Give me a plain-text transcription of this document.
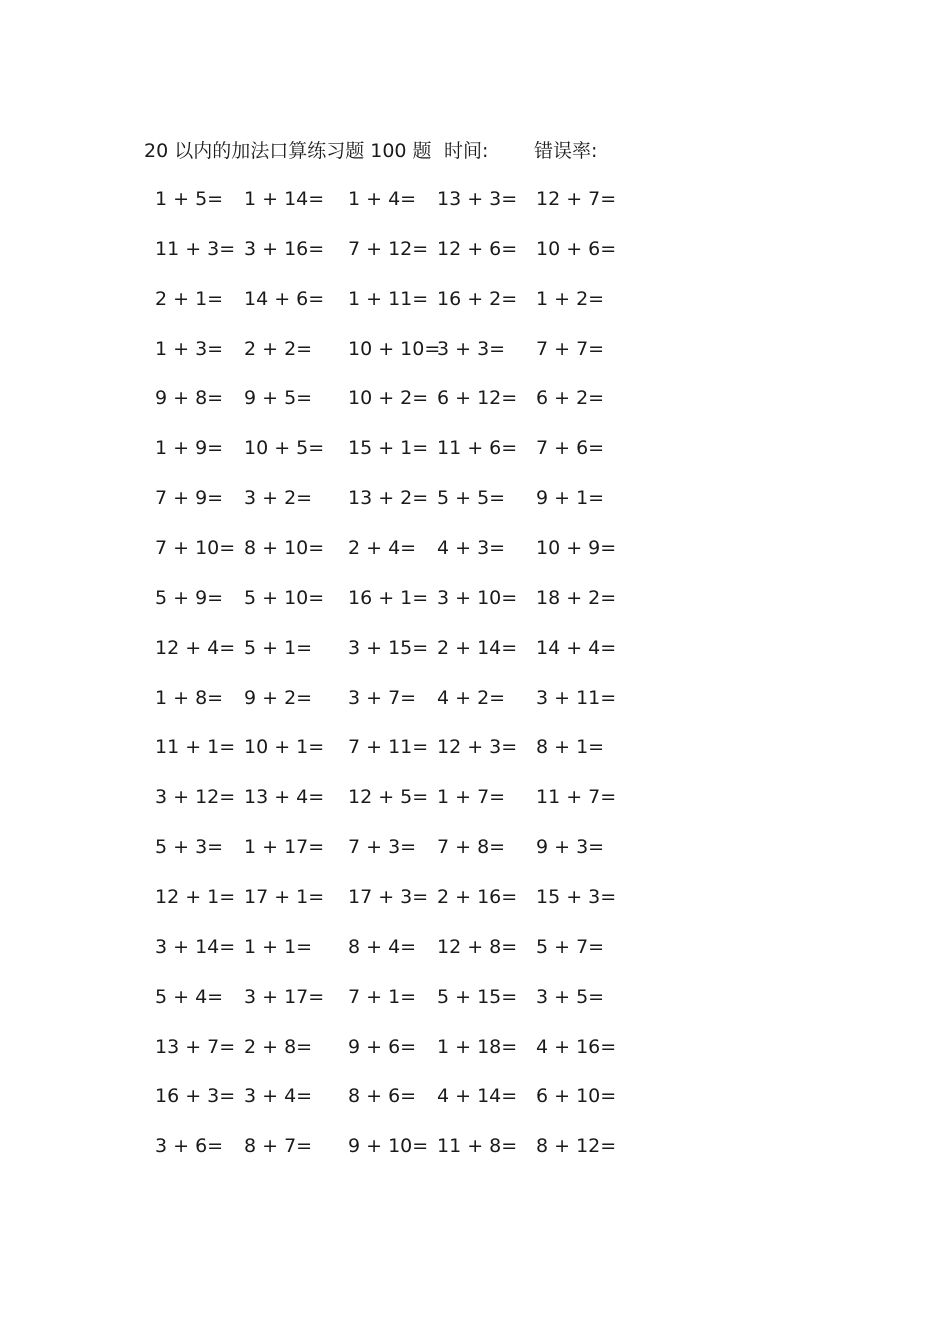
20 以内的加法口算练习题 100 题 时间: 错误率:
1 + 5= 1 + 14= 1 + 4= 13 + 3= 12 + 7=
11 + 3= 3 + 16= 7 + 12= 12 + 6= 10 + 6=
2 + 1= 14 + 6= 1 + 11= 16 + 2= 1 + 2=
1 + 3= 2 + 2= 10 + 10=
3 + 3= 7 + 7=
9 + 8= 9 + 5= 10 + 2= 6 + 12= 6 + 2=
1 + 9= 10 + 5= 15 + 1= 11 + 6= 7 + 6=
7 + 9= 3 + 2= 13 + 2= 5 + 5= 9 + 1=
7 + 10= 8 + 10= 2 + 4= 4 + 3= 10 + 9=
5 + 9= 5 + 10= 16 + 1= 3 + 10= 18 + 2=
12 + 4= 5 + 1= 3 + 15= 2 + 14= 14 + 4=
1 + 8= 9 + 2= 3 + 7= 4 + 2= 3 + 11=
11 + 1= 10 + 1= 7 + 11= 12 + 3= 8 + 1=
3 + 12= 13 + 4= 12 + 5= 1 + 7= 11 + 7=
5 + 3= 1 + 17= 7 + 3= 7 + 8= 9 + 3=
12 + 1= 17 + 1= 17 + 3= 2 + 16= 15 + 3=
3 + 14= 1 + 1= 8 + 4= 12 + 8= 5 + 7=
5 + 4= 3 + 17= 7 + 1= 5 + 15= 3 + 5=
13 + 7= 2 + 8= 9 + 6= 1 + 18= 4 + 16=
16 + 3= 3 + 4= 8 + 6= 4 + 14= 6 + 10=
3 + 6= 8 + 7= 9 + 10= 11 + 8= 8 + 12=
